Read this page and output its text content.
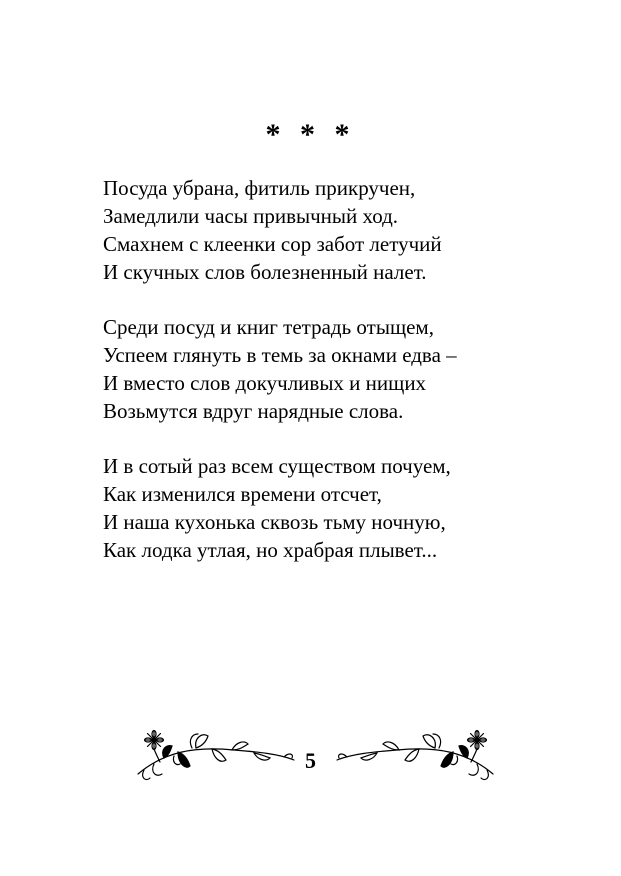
* * *
Посуда убрана, фитиль прикручен,
Замедлили часы привычный ход.
Смахнем с клеенки сор забот летучий
И скучных слов болезненный налет.
Среди посуд и книг тетрадь отыщем,
Успеем глянуть в темь за окнами едва –
И вместо слов докучливых и нищих
Возьмутся вдруг нарядные слова.
И в сотый раз всем существом почуем,
Как изменился времени отсчет,
И наша кухонька сквозь тьму ночную,
Как лодка утлая, но храбрая плывет...
5
